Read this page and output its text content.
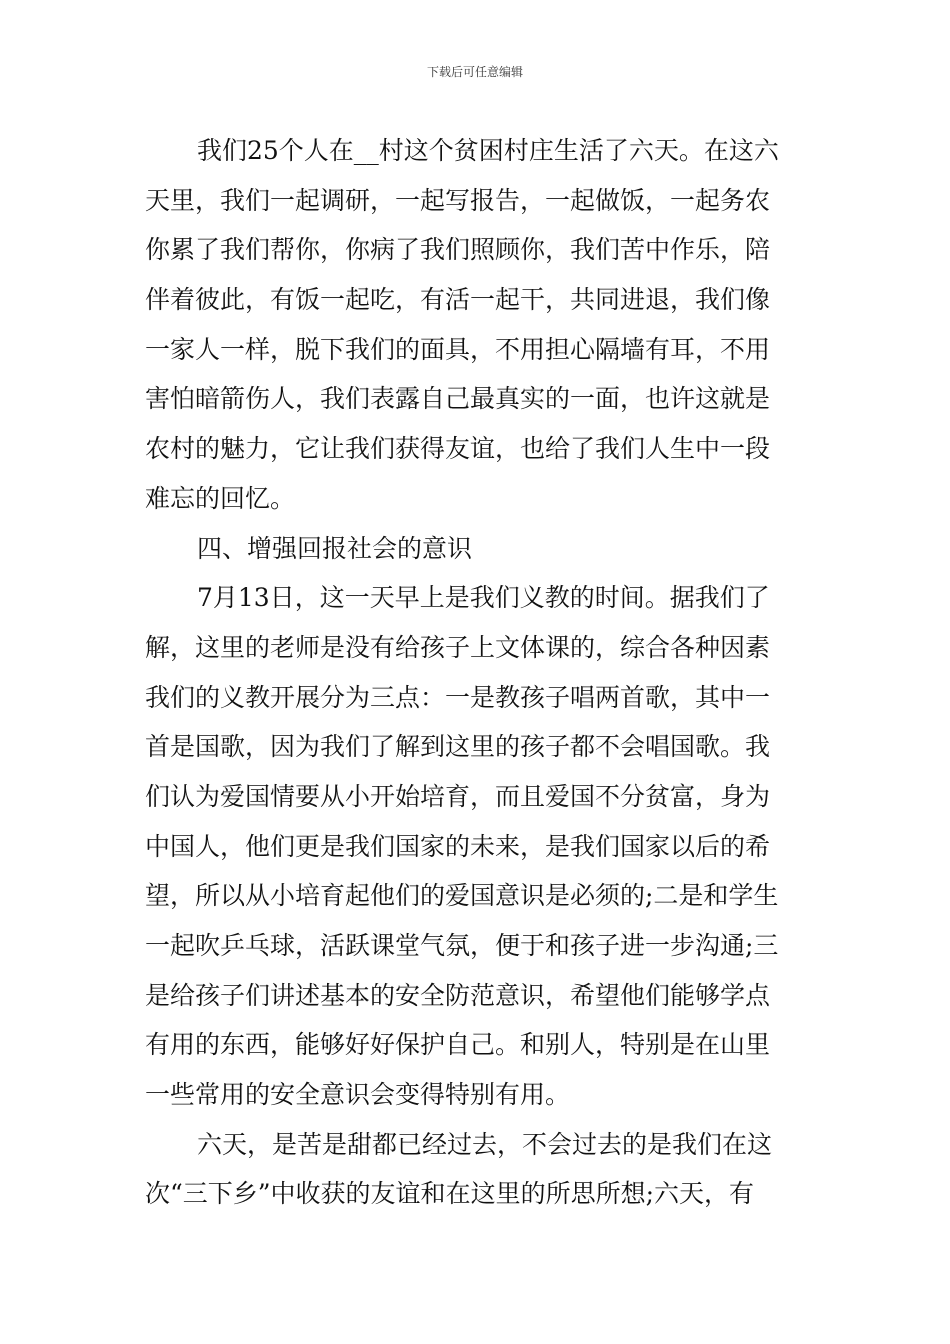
下载后可任意编辑
我们25个人在__村这个贫困村庄生活了六天。在这六
天里，我们一起调研，一起写报告，一起做饭，一起务农
你累了我们帮你，你病了我们照顾你，我们苦中作乐，陪
伴着彼此，有饭一起吃，有活一起干，共同进退，我们像
一家人一样，脱下我们的面具，不用担心隔墙有耳，不用
害怕暗箭伤人，我们表露自己最真实的一面，也许这就是
农村的魅力，它让我们获得友谊，也给了我们人生中一段
难忘的回忆。
四、增强回报社会的意识
7月13日，这一天早上是我们义教的时间。据我们了
解，这里的老师是没有给孩子上文体课的，综合各种因素
我们的义教开展分为三点：一是教孩子唱两首歌，其中一
首是国歌，因为我们了解到这里的孩子都不会唱国歌。我
们认为爱国情要从小开始培育，而且爱国不分贫富，身为
中国人，他们更是我们国家的未来，是我们国家以后的希
望，所以从小培育起他们的爱国意识是必须的;二是和学生
一起吹乒乓球，活跃课堂气氛，便于和孩子进一步沟通;三
是给孩子们讲述基本的安全防范意识，希望他们能够学点
有用的东西，能够好好保护自己。和别人，特别是在山里
一些常用的安全意识会变得特别有用。
六天，是苦是甜都已经过去，不会过去的是我们在这
次“三下乡”中收获的友谊和在这里的所思所想;六天，有
